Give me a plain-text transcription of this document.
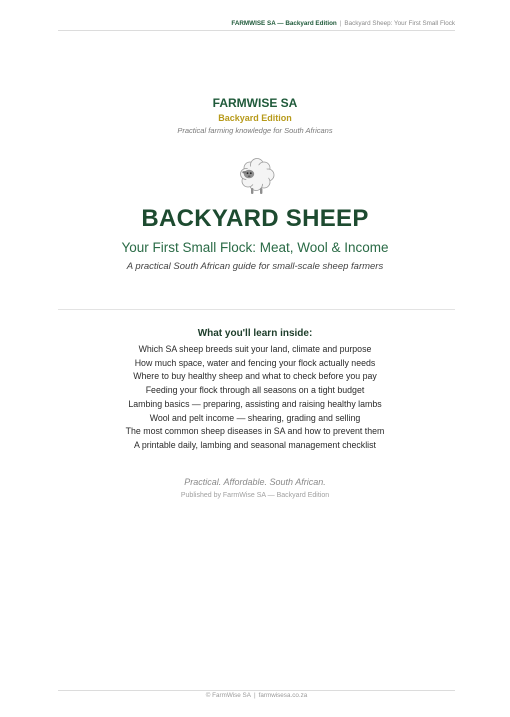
FARMWISE SA — Backyard Edition | Backyard Sheep: Your First Small Flock
FARMWISE SA
Backyard Edition
Practical farming knowledge for South Africans
BACKYARD SHEEP
Your First Small Flock: Meat, Wool & Income
A practical South African guide for small-scale sheep farmers
What you'll learn inside:
Which SA sheep breeds suit your land, climate and purpose
How much space, water and fencing your flock actually needs
Where to buy healthy sheep and what to check before you pay
Feeding your flock through all seasons on a tight budget
Lambing basics — preparing, assisting and raising healthy lambs
Wool and pelt income — shearing, grading and selling
The most common sheep diseases in SA and how to prevent them
A printable daily, lambing and seasonal management checklist
Practical. Affordable. South African.
Published by FarmWise SA — Backyard Edition
© FarmWise SA | farmwisesa.co.za
